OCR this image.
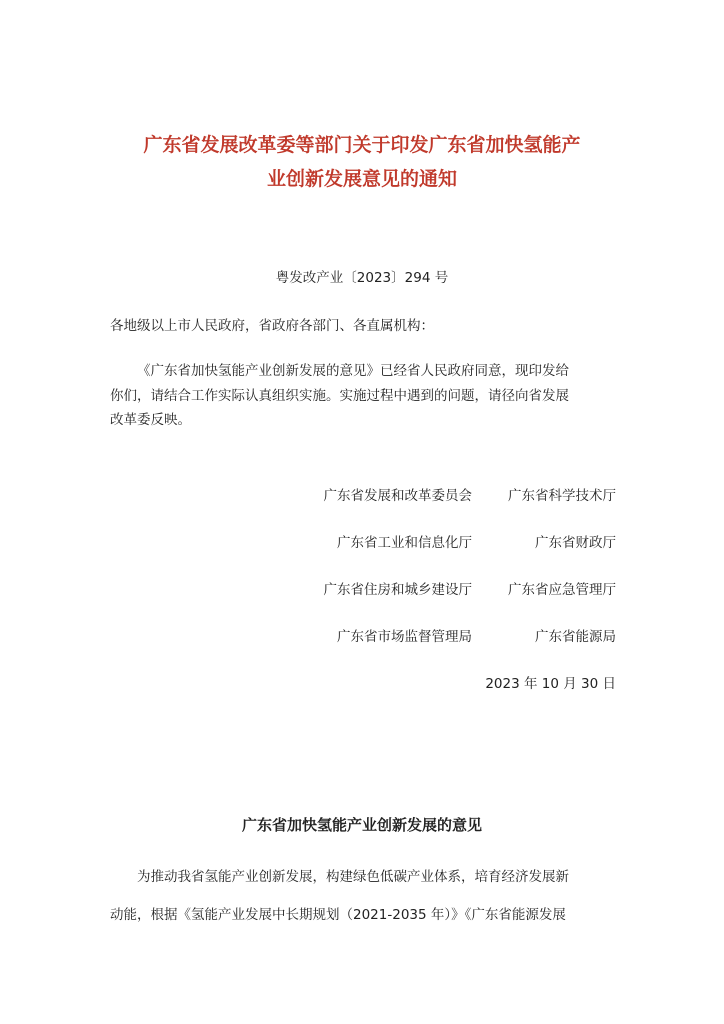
广东省发展改革委等部门关于印发广东省加快氢能产
业创新发展意见的通知
粤发改产业〔2023〕294 号
各地级以上市人民政府，省政府各部门、各直属机构：
《广东省加快氢能产业创新发展的意见》已经省人民政府同意，现印发给
你们，请结合工作实际认真组织实施。实施过程中遇到的问题，请径向省发展
改革委反映。
广东省发展和改革委员会	广东省科学技术厅
广东省工业和信息化厅	广东省财政厅
广东省住房和城乡建设厅	广东省应急管理厅
广东省市场监督管理局	广东省能源局
2023 年 10 月 30 日
广东省加快氢能产业创新发展的意见
为推动我省氢能产业创新发展，构建绿色低碳产业体系，培育经济发展新
动能，根据《氢能产业发展中长期规划（2021-2035 年）》《广东省能源发展
